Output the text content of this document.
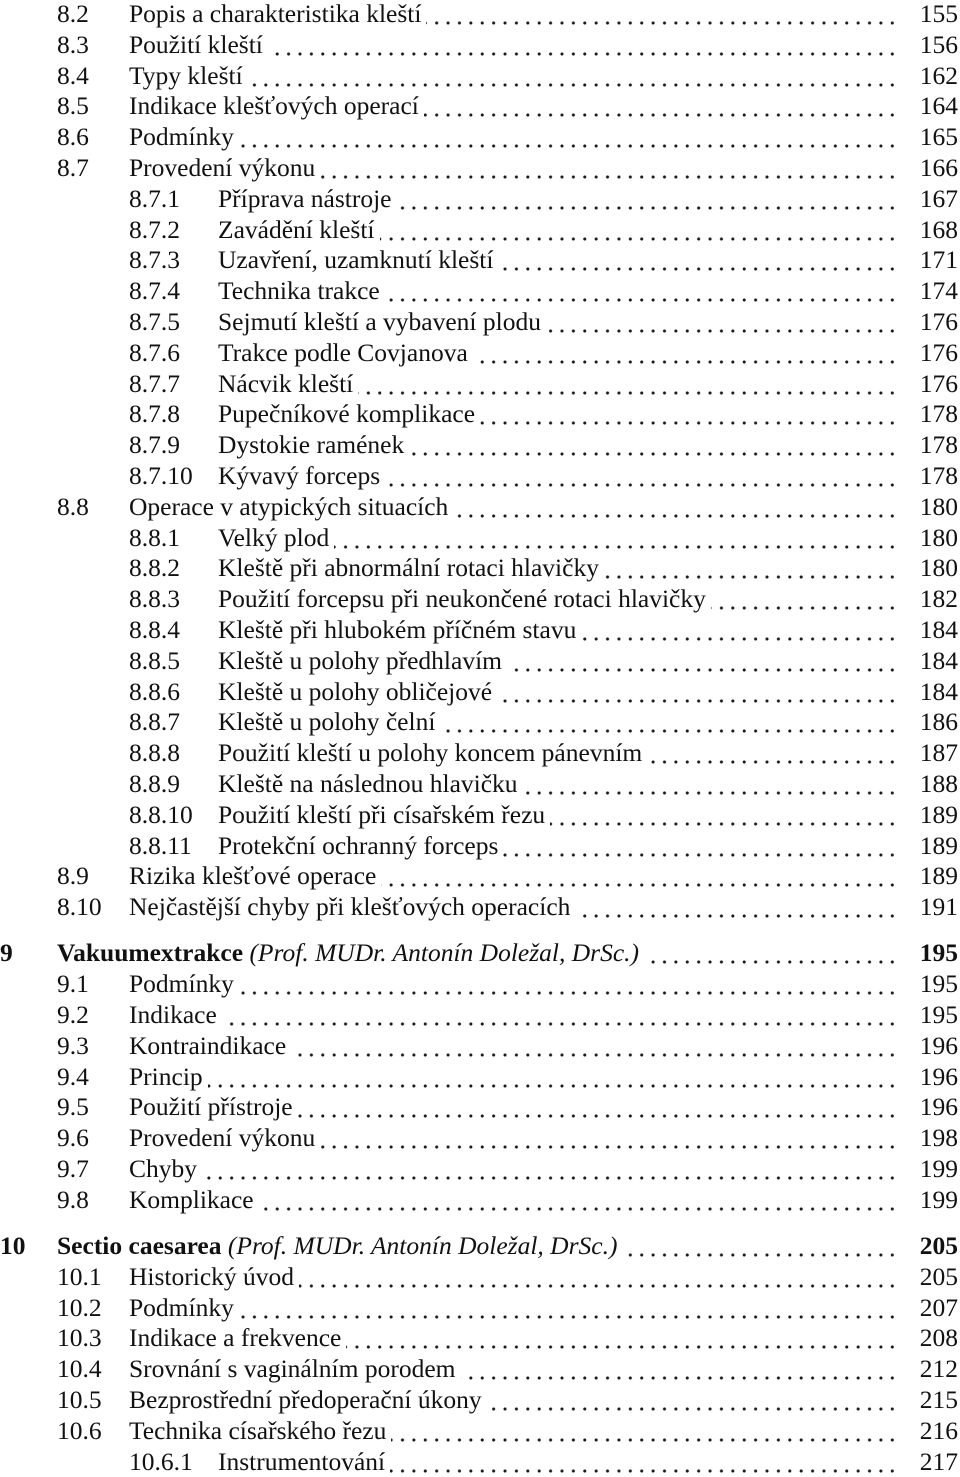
8.2 Popis a charakteristika kleští	155
8.3 Použití kleští	156
8.4 Typy kleští	162
8.5 Indikace klešťových operací	164
8.6 Podmínky	165
8.7 Provedení výkonu	166
8.7.1 Příprava nástroje	167
8.7.2 Zavádění kleští	168
8.7.3 Uzavření, uzamknutí kleští	171
8.7.4 Technika trakce	174
8.7.5 Sejmutí kleští a vybavení plodu	176
8.7.6 Trakce podle Covjanova	176
8.7.7 Nácvik kleští	176
8.7.8 Pupečníkové komplikace	178
8.7.9 Dystokie ramének	178
8.7.10 Kývavý forceps	178
8.8 Operace v atypických situacích	180
8.8.1 Velký plod	180
8.8.2 Kleště při abnormální rotaci hlavičky	180
8.8.3 Použití forcepsu při neukončené rotaci hlavičky	182
8.8.4 Kleště při hlubokém příčném stavu	184
8.8.5 Kleště u polohy předhlavím	184
8.8.6 Kleště u polohy obličejové	184
8.8.7 Kleště u polohy čelní	186
8.8.8 Použití kleští u polohy koncem pánevním	187
8.8.9 Kleště na následnou hlavičku	188
8.8.10 Použití kleští při císařském řezu	189
8.8.11 Protekční ochranný forceps	189
8.9 Rizika klešťové operace	189
8.10 Nejčastější chyby při klešťových operacích	191
9 Vakuumextrakce (Prof. MUDr. Antonín Doležal, DrSc.)	195
9.1 Podmínky	195
9.2 Indikace	195
9.3 Kontraindikace	196
9.4 Princip	196
9.5 Použití přístroje	196
9.6 Provedení výkonu	198
9.7 Chyby	199
9.8 Komplikace	199
10 Sectio caesarea (Prof. MUDr. Antonín Doležal, DrSc.)	205
10.1 Historický úvod	205
10.2 Podmínky	207
10.3 Indikace a frekvence	208
10.4 Srovnání s vaginálním porodem	212
10.5 Bezprostřední předoperační úkony	215
10.6 Technika císařského řezu	216
10.6.1 Instrumentování	217
